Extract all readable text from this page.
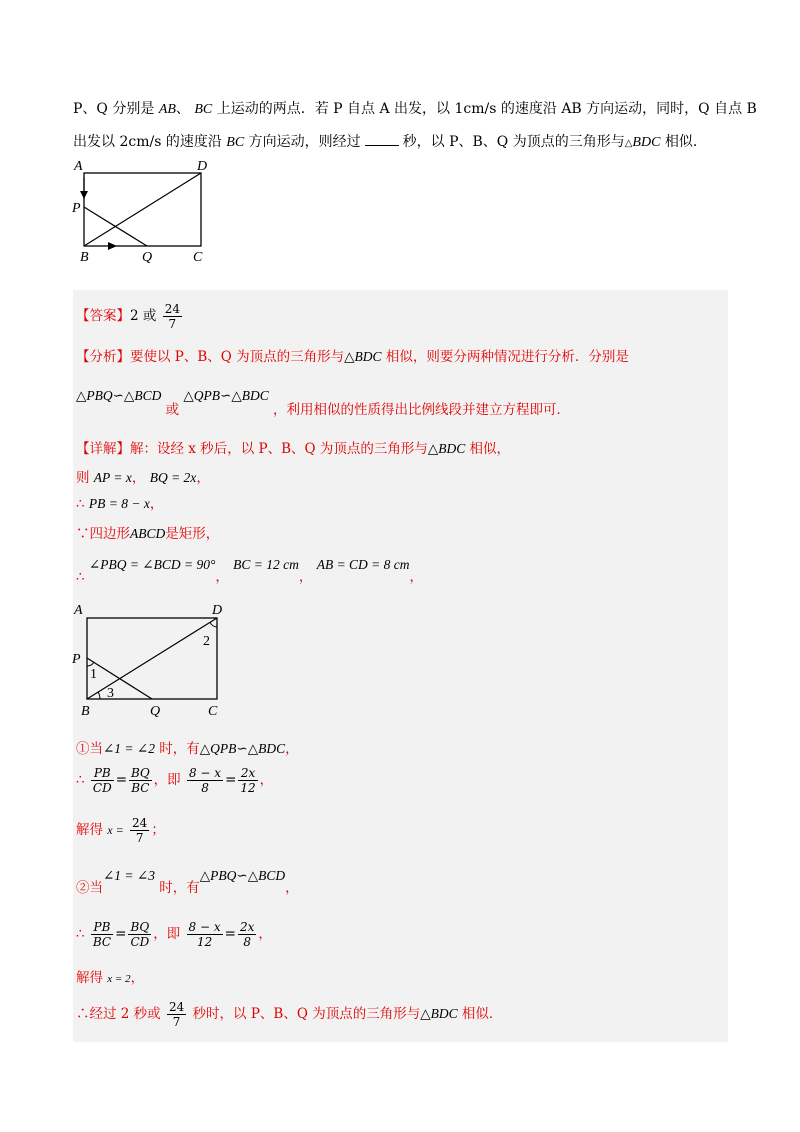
P、Q 分别是 AB、 BC 上运动的两点．若 P 自点 A 出发，以 1cm/s 的速度沿 AB 方向运动，同时，Q 自点 B
出发以 2cm/s 的速度沿 BC 方向运动，则经过	秒，以 P、B、Q 为顶点的三角形与△BDC 相似．
A	D
P
B	Q	C
【答案】2 或 $\frac{24}{7}$
【分析】要使以 P、B、Q 为顶点的三角形与△BDC 相似，则要分两种情况进行分析．分别是
△PBQ∽△BCD 或 △QPB∽△BDC ，利用相似的性质得出比例线段并建立方程即可．
【详解】解：设经 x 秒后，以 P、B、Q 为顶点的三角形与△BDC 相似，
则 AP = x， BQ = 2x，
∴ PB = 8 − x，
∵四边形ABCD是矩形，
∴ ∠PBQ = ∠BCD = 90°， BC = 12 cm， AB = CD = 8 cm，
A	D
P
B	Q	C
1
2
3
①当∠1 = ∠2 时，有△QPB∽△BDC，
∴ $\frac{PB}{CD} = \frac{BQ}{BC}$ ，即 $\frac{8 - x}{8} = \frac{2x}{12}$ ，
解得 $x = \frac{24}{7}$ ；
②当∠1 = ∠3 时，有△PBQ∽△BCD，
∴ $\frac{PB}{BC} = \frac{BQ}{CD}$ ，即 $\frac{8 - x}{12} = \frac{2x}{8}$ ，
解得 x = 2，
∴经过 2 秒或 $\frac{24}{7}$ 秒时，以 P、B、Q 为顶点的三角形与△BDC 相似．
